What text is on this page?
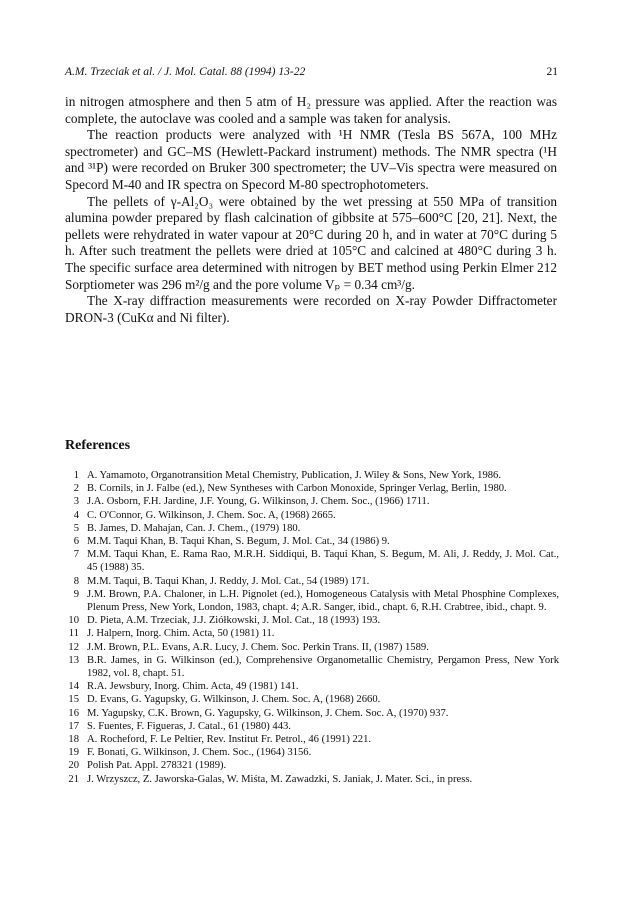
A.M. Trzeciak et al. / J. Mol. Catal. 88 (1994) 13-22	21

in nitrogen atmosphere and then 5 atm of H₂ pressure was applied. After the reaction was complete, the autoclave was cooled and a sample was taken for analysis.

The reaction products were analyzed with ¹H NMR (Tesla BS 567A, 100 MHz spectrometer) and GC–MS (Hewlett-Packard instrument) methods. The NMR spectra (¹H and ³¹P) were recorded on Bruker 300 spectrometer; the UV–Vis spectra were measured on Specord M-40 and IR spectra on Specord M-80 spectrophotometers.

The pellets of γ-Al₂O₃ were obtained by the wet pressing at 550 MPa of transition alumina powder prepared by flash calcination of gibbsite at 575–600°C [20, 21]. Next, the pellets were rehydrated in water vapour at 20°C during 20 h, and in water at 70°C during 5 h. After such treatment the pellets were dried at 105°C and calcined at 480°C during 3 h. The specific surface area determined with nitrogen by BET method using Perkin Elmer 212 Sorptiometer was 296 m²/g and the pore volume Vₚ = 0.34 cm³/g.

The X-ray diffraction measurements were recorded on X-ray Powder Diffractometer DRON-3 (CuKα and Ni filter).

References
1 A. Yamamoto, Organotransition Metal Chemistry, Publication, J. Wiley & Sons, New York, 1986.
2 B. Cornils, in J. Falbe (ed.), New Syntheses with Carbon Monoxide, Springer Verlag, Berlin, 1980.
3 J.A. Osborn, F.H. Jardine, J.F. Young, G. Wilkinson, J. Chem. Soc., (1966) 1711.
4 C. O'Connor, G. Wilkinson, J. Chem. Soc. A, (1968) 2665.
5 B. James, D. Mahajan, Can. J. Chem., (1979) 180.
6 M.M. Taqui Khan, B. Taqui Khan, S. Begum, J. Mol. Cat., 34 (1986) 9.
7 M.M. Taqui Khan, E. Rama Rao, M.R.H. Siddiqui, B. Taqui Khan, S. Begum, M. Ali, J. Reddy, J. Mol. Cat., 45 (1988) 35.
8 M.M. Taqui, B. Taqui Khan, J. Reddy, J. Mol. Cat., 54 (1989) 171.
9 J.M. Brown, P.A. Chaloner, in L.H. Pignolet (ed.), Homogeneous Catalysis with Metal Phosphine Complexes, Plenum Press, New York, London, 1983, chapt. 4; A.R. Sanger, ibid., chapt. 6, R.H. Crabtree, ibid., chapt. 9.
10 D. Pieta, A.M. Trzeciak, J.J. Ziółkowski, J. Mol. Cat., 18 (1993) 193.
11 J. Halpern, Inorg. Chim. Acta, 50 (1981) 11.
12 J.M. Brown, P.L. Evans, A.R. Lucy, J. Chem. Soc. Perkin Trans. II, (1987) 1589.
13 B.R. James, in G. Wilkinson (ed.), Comprehensive Organometallic Chemistry, Pergamon Press, New York 1982, vol. 8, chapt. 51.
14 R.A. Jewsbury, Inorg. Chim. Acta, 49 (1981) 141.
15 D. Evans, G. Yagupsky, G. Wilkinson, J. Chem. Soc. A, (1968) 2660.
16 M. Yagupsky, C.K. Brown, G. Yagupsky, G. Wilkinson, J. Chem. Soc. A, (1970) 937.
17 S. Fuentes, F. Figueras, J. Catal., 61 (1980) 443.
18 A. Rocheford, F. Le Peltier, Rev. Institut Fr. Petrol., 46 (1991) 221.
19 F. Bonati, G. Wilkinson, J. Chem. Soc., (1964) 3156.
20 Polish Pat. Appl. 278321 (1989).
21 J. Wrzyszcz, Z. Jaworska-Galas, W. Miśta, M. Zawadzki, S. Janiak, J. Mater. Sci., in press.
